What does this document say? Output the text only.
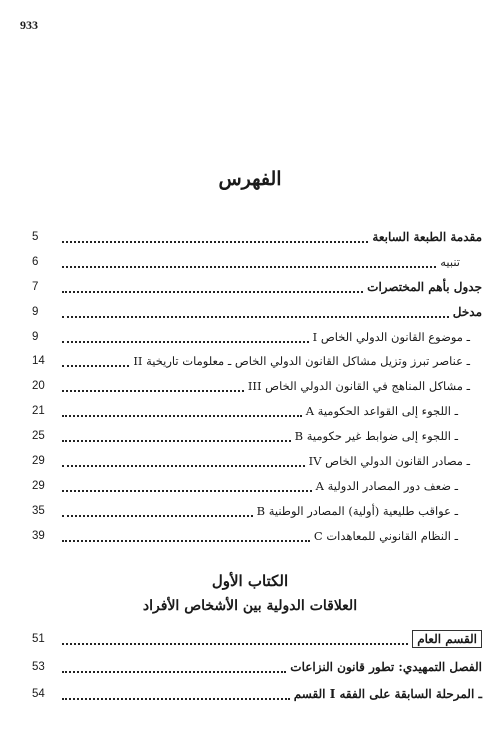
933
الفهرس
مقدمة الطبعة السابعة
5
تنبيه
6
جدول بأهم المختصرات
7
مدخل
9
I ـ موضوع القانون الدولي الخاص
9
II ـ عناصر تبرز وتزيل مشاكل القانون الدولي الخاص ـ معلومات تاريخية
14
III ـ مشاكل المناهج في القانون الدولي الخاص
20
A ـ اللجوء إلى القواعد الحكومية
21
B ـ اللجوء إلى ضوابط غير حكومية
25
IV ـ مصادر القانون الدولي الخاص
29
A ـ ضعف دور المصادر الدولية
29
B ـ عواقب طليعية (أولية) المصادر الوطنية
35
C ـ النظام القانوني للمعاهدات
39
الكتاب الأول
العلاقات الدولية بين الأشخاص الأفراد
القسم العام
51
الفصل التمهيدي: تطور قانون النزاعات
53
القسم I ـ المرحلة السابقة على الفقه
54
